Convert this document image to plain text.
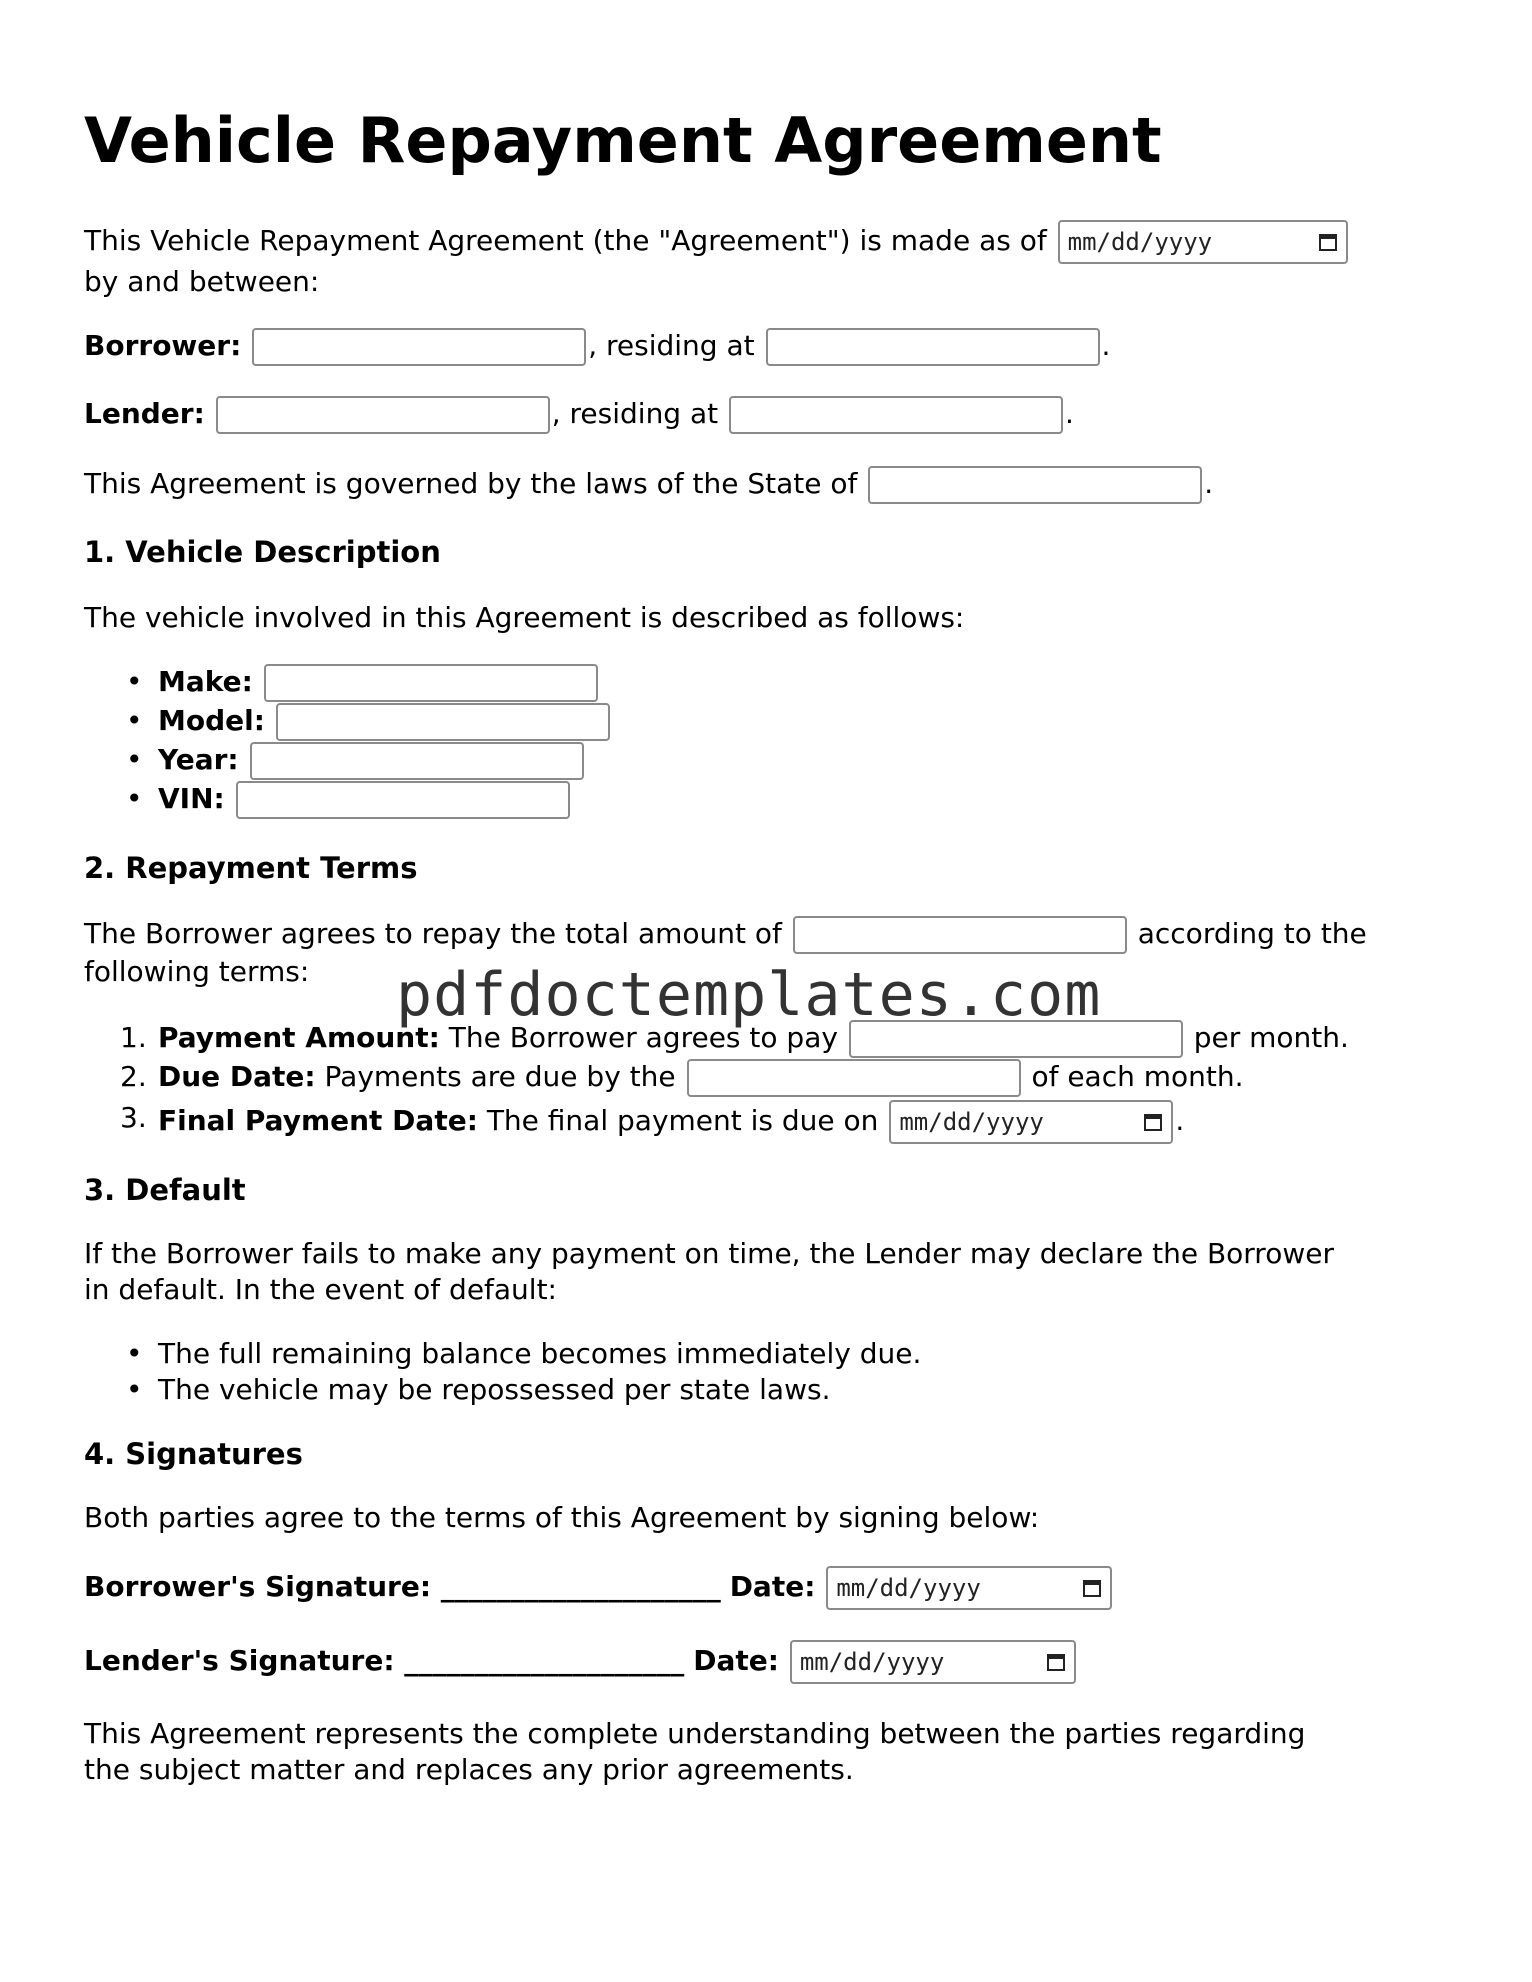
Vehicle Repayment Agreement
This Vehicle Repayment Agreement (the "Agreement") is made as of mm/dd/yyyy
by and between:
Borrower:	, residing at	.
Lender:	, residing at	.
This Agreement is governed by the laws of the State of	.
1. Vehicle Description
The vehicle involved in this Agreement is described as follows:
• Make:
• Model:
• Year:
• VIN:
2. Repayment Terms
The Borrower agrees to repay the total amount of	according to the
following terms:
1. Payment Amount: The Borrower agrees to pay	per month.
2. Due Date: Payments are due by the	of each month.
3. Final Payment Date: The final payment is due on mm/dd/yyyy	.
3. Default
If the Borrower fails to make any payment on time, the Lender may declare the Borrower
in default. In the event of default:
• The full remaining balance becomes immediately due.
• The vehicle may be repossessed per state laws.
4. Signatures
Both parties agree to the terms of this Agreement by signing below:
Borrower's Signature: ____________________ Date: mm/dd/yyyy
Lender's Signature: ____________________ Date: mm/dd/yyyy
This Agreement represents the complete understanding between the parties regarding
the subject matter and replaces any prior agreements.
pdfdoctemplates.com
